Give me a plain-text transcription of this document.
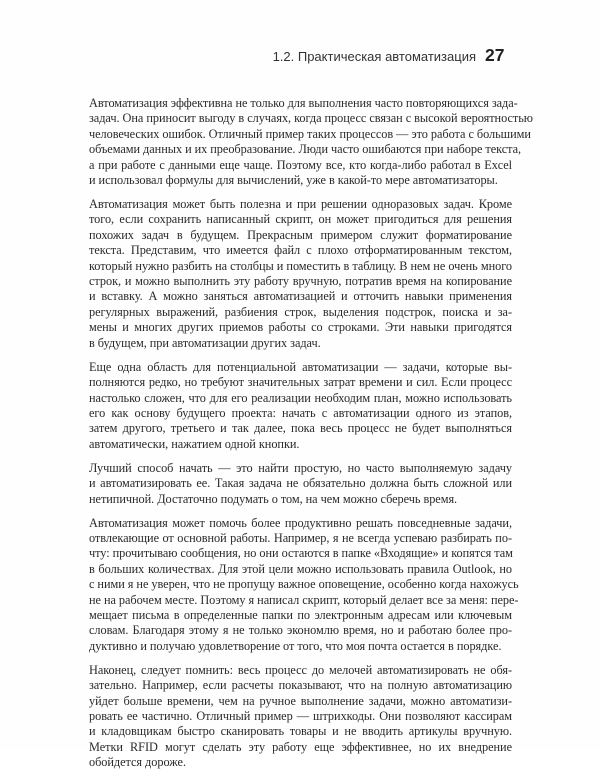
1.2. Практическая автоматизация 27

Автоматизация эффективна не только для выполнения часто повторяющихся зада-
задач. Она приносит выгоду в случаях, когда процесс связан с высокой вероятностью
человеческих ошибок. Отличный пример таких процессов — это работа с большими
объемами данных и их преобразование. Люди часто ошибаются при наборе текста,
а при работе с данными еще чаще. Поэтому все, кто когда-либо работал в Excel
и использовал формулы для вычислений, уже в какой-то мере автоматизаторы.

Автоматизация может быть полезна и при решении одноразовых задач. Кроме
того, если сохранить написанный скрипт, он может пригодиться для решения
похожих задач в будущем. Прекрасным примером служит форматирование
текста. Представим, что имеется файл с плохо отформатированным текстом,
который нужно разбить на столбцы и поместить в таблицу. В нем не очень много
строк, и можно выполнить эту работу вручную, потратив время на копирование
и вставку. А можно заняться автоматизацией и отточить навыки применения
регулярных выражений, разбиения строк, выделения подстрок, поиска и за-
мены и многих других приемов работы со строками. Эти навыки пригодятся
в будущем, при автоматизации других задач.

Еще одна область для потенциальной автоматизации — задачи, которые вы-
полняются редко, но требуют значительных затрат времени и сил. Если процесс
настолько сложен, что для его реализации необходим план, можно использовать
его как основу будущего проекта: начать с автоматизации одного из этапов,
затем другого, третьего и так далее, пока весь процесс не будет выполняться
автоматически, нажатием одной кнопки.

Лучший способ начать — это найти простую, но часто выполняемую задачу
и автоматизировать ее. Такая задача не обязательно должна быть сложной или
нетипичной. Достаточно подумать о том, на чем можно сберечь время.

Автоматизация может помочь более продуктивно решать повседневные задачи,
отвлекающие от основной работы. Например, я не всегда успеваю разбирать по-
чту: прочитываю сообщения, но они остаются в папке «Входящие» и копятся там
в больших количествах. Для этой цели можно использовать правила Outlook, но
с ними я не уверен, что не пропущу важное оповещение, особенно когда нахожусь
не на рабочем месте. Поэтому я написал скрипт, который делает все за меня: пере-
мещает письма в определенные папки по электронным адресам или ключевым
словам. Благодаря этому я не только экономлю время, но и работаю более про-
дуктивно и получаю удовлетворение от того, что моя почта остается в порядке.

Наконец, следует помнить: весь процесс до мелочей автоматизировать не обя-
зательно. Например, если расчеты показывают, что на полную автоматизацию
уйдет больше времени, чем на ручное выполнение задачи, можно автоматизи-
ровать ее частично. Отличный пример — штрихкоды. Они позволяют кассирам
и кладовщикам быстро сканировать товары и не вводить артикулы вручную.
Метки RFID могут сделать эту работу еще эффективнее, но их внедрение
обойдется дороже.
